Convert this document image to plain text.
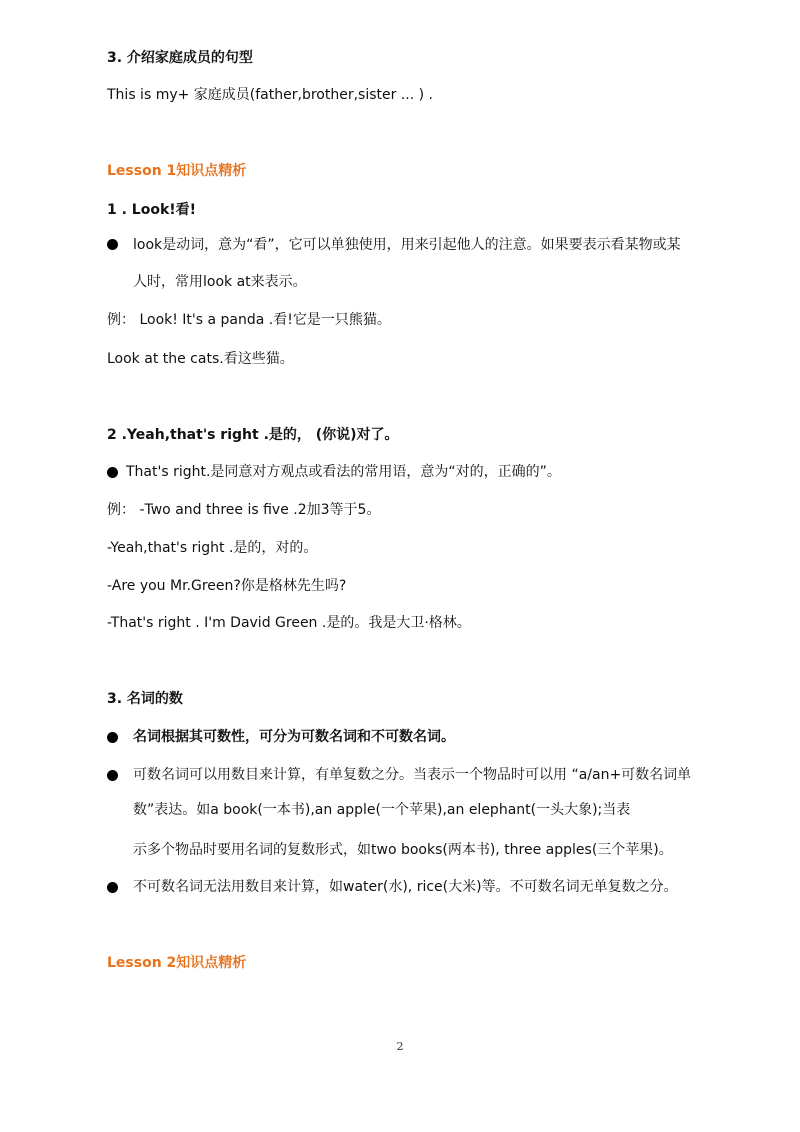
3. 介绍家庭成员的句型
This is my+ 家庭成员(father,brother,sister ... ) .
Lesson 1知识点精析
1 . Look!看!
look是动词，意为“看”，它可以单独使用，用来引起他人的注意。如果要表示看某物或某
人时，常用look at来表示。
例： Look! It's a panda .看!它是一只熊猫。
Look at the cats.看这些猫。
2 .Yeah,that's right .是的， (你说)对了。
That's right.是同意对方观点或看法的常用语，意为“对的，正确的”。
例： -Two and three is five .2加3等于5。
-Yeah,that's right .是的，对的。
-Are you Mr.Green?你是格林先生吗?
-That's right . I'm David Green .是的。我是大卫·格林。
3. 名词的数
名词根据其可数性，可分为可数名词和不可数名词。
可数名词可以用数目来计算，有单复数之分。当表示一个物品时可以用 “a/an+可数名词单
数”表达。如a book(一本书),an apple(一个苹果),an elephant(一头大象);当表
示多个物品时要用名词的复数形式，如two books(两本书), three apples(三个苹果)。
不可数名词无法用数目来计算，如water(水), rice(大米)等。不可数名词无单复数之分。
Lesson 2知识点精析
2
